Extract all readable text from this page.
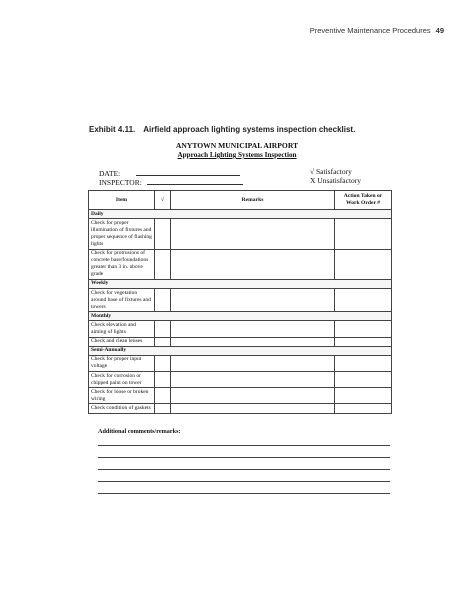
Preventive Maintenance Procedures 49
Exhibit 4.11. Airfield approach lighting systems inspection checklist.
ANYTOWN MUNICIPAL AIRPORT
Approach Lighting Systems Inspection
DATE:
INSPECTOR:
√ Satisfactory
X Unsatisfactory
Item	√	Remarks	Action Taken or Work Order #
Daily			
Check for proper illumination of fixtures and proper sequence of flashing lights			
Check for protrusions of concrete base/foundations greater than 3 in. above grade			
Weekly			
Check for vegetation around base of fixtures and towers			
Monthly			
Check elevation and aiming of lights			
Check and clean lenses			
Semi-Annually			
Check for proper input voltage			
Check for corrosion or chipped paint on tower			
Check for loose or broken wiring			
Check condition of gaskets			
Additional comments/remarks:
